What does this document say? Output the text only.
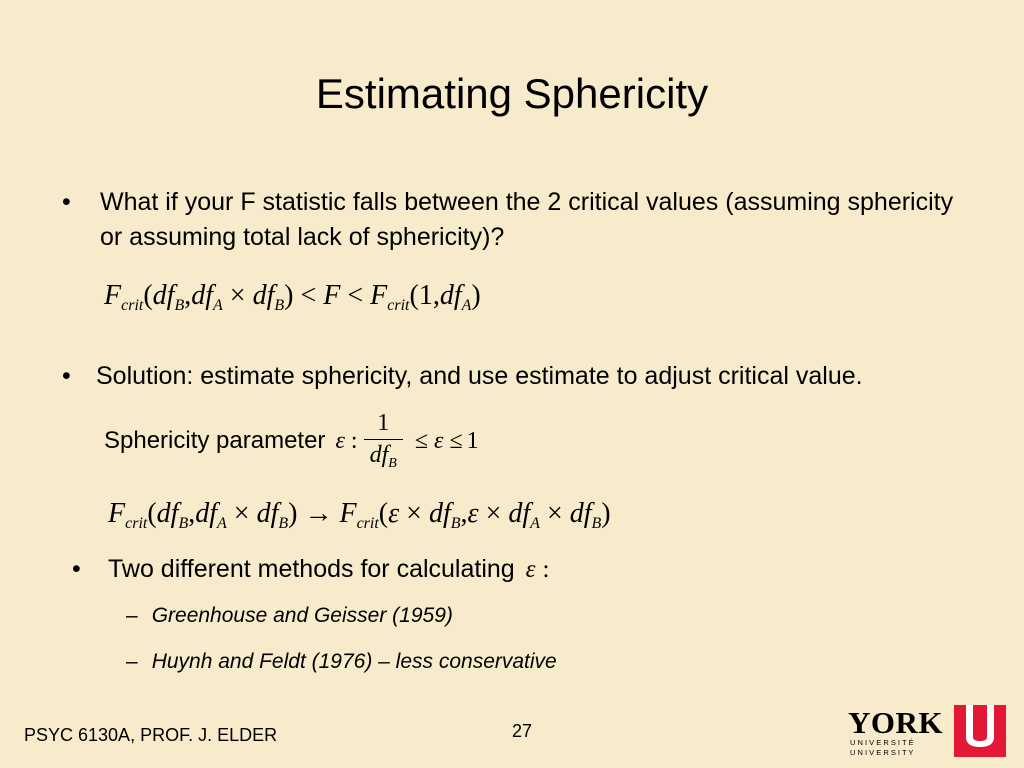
Estimating Sphericity
• What if your F statistic falls between the 2 critical values (assuming sphericity or assuming total lack of sphericity)?
$F_{crit}(df_B,df_A \times df_B) < F < F_{crit}(1,df_A)$
• Solution: estimate sphericity, and use estimate to adjust critical value.
Sphericity parameter ε : $\frac{1}{df_B} \le \varepsilon \le 1$
$F_{crit}(df_B,df_A \times df_B) \to F_{crit}(\varepsilon \times df_B,\varepsilon \times df_A \times df_B)$
• Two different methods for calculating ε :
– Greenhouse and Geisser (1959)
– Huynh and Feldt (1976) – less conservative
PSYC 6130A, PROF. J. ELDER	27	YORK
U N I V E R S I T É
U N I V E R S I T Y
